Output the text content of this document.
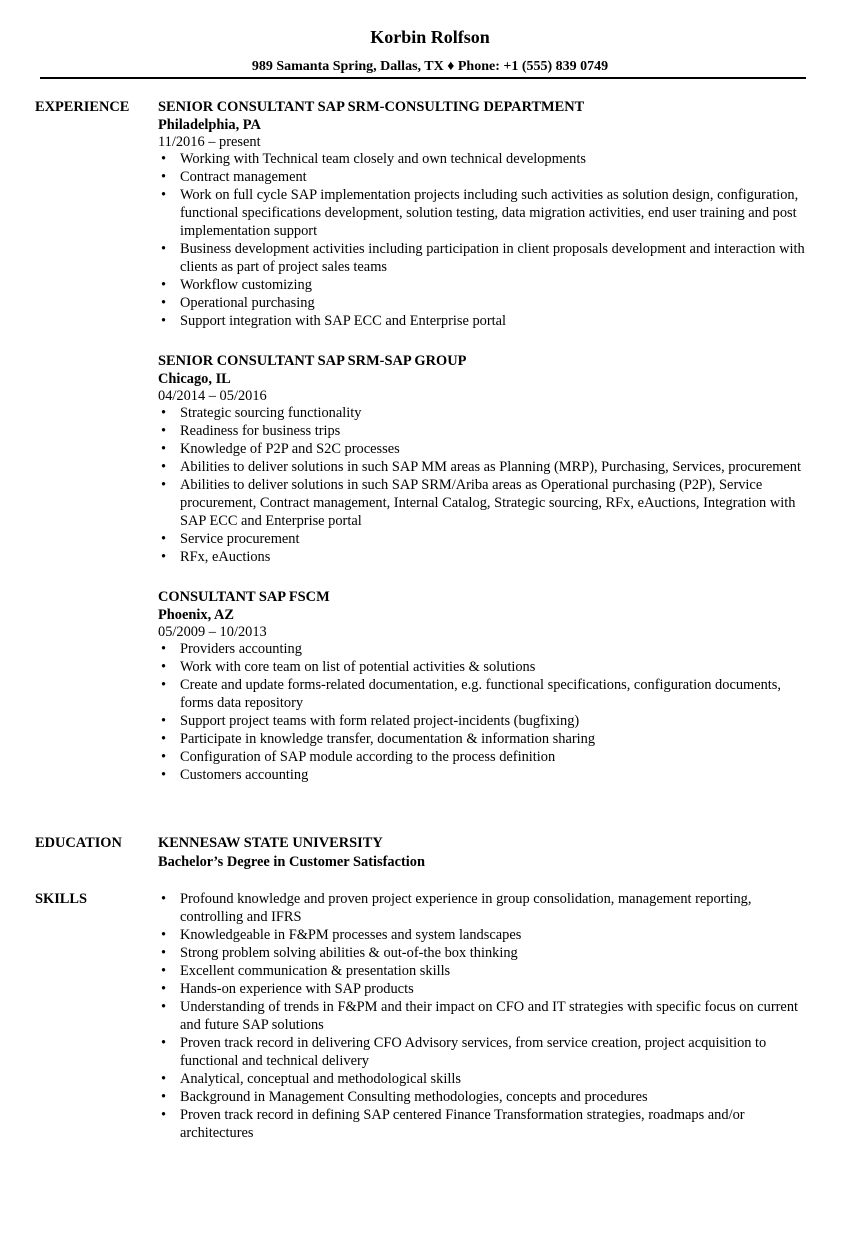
Korbin Rolfson
989 Samanta Spring, Dallas, TX ♦ Phone: +1 (555) 839 0749
EXPERIENCE SENIOR CONSULTANT SAP SRM-CONSULTING DEPARTMENT
Philadelphia, PA
11/2016 – present
• Working with Technical team closely and own technical developments
• Contract management
• Work on full cycle SAP implementation projects including such activities as solution design, configuration, functional specifications development, solution testing, data migration activities, end user training and post implementation support
• Business development activities including participation in client proposals development and interaction with clients as part of project sales teams
• Workflow customizing
• Operational purchasing
• Support integration with SAP ECC and Enterprise portal
SENIOR CONSULTANT SAP SRM-SAP GROUP
Chicago, IL
04/2014 – 05/2016
• Strategic sourcing functionality
• Readiness for business trips
• Knowledge of P2P and S2C processes
• Abilities to deliver solutions in such SAP MM areas as Planning (MRP), Purchasing, Services, procurement
• Abilities to deliver solutions in such SAP SRM/Ariba areas as Operational purchasing (P2P), Service procurement, Contract management, Internal Catalog, Strategic sourcing, RFx, eAuctions, Integration with SAP ECC and Enterprise portal
• Service procurement
• RFx, eAuctions
CONSULTANT SAP FSCM
Phoenix, AZ
05/2009 – 10/2013
• Providers accounting
• Work with core team on list of potential activities & solutions
• Create and update forms-related documentation, e.g. functional specifications, configuration documents, forms data repository
• Support project teams with form related project-incidents (bugfixing)
• Participate in knowledge transfer, documentation & information sharing
• Configuration of SAP module according to the process definition
• Customers accounting
EDUCATION	KENNESAW STATE UNIVERSITY
Bachelor’s Degree in Customer Satisfaction
SKILLS	• Profound knowledge and proven project experience in group consolidation, management reporting, controlling and IFRS
• Knowledgeable in F&PM processes and system landscapes
• Strong problem solving abilities & out-of-the box thinking
• Excellent communication & presentation skills
• Hands-on experience with SAP products
• Understanding of trends in F&PM and their impact on CFO and IT strategies with specific focus on current and future SAP solutions
• Proven track record in delivering CFO Advisory services, from service creation, project acquisition to functional and technical delivery
• Analytical, conceptual and methodological skills
• Background in Management Consulting methodologies, concepts and procedures
• Proven track record in defining SAP centered Finance Transformation strategies, roadmaps and/or architectures
